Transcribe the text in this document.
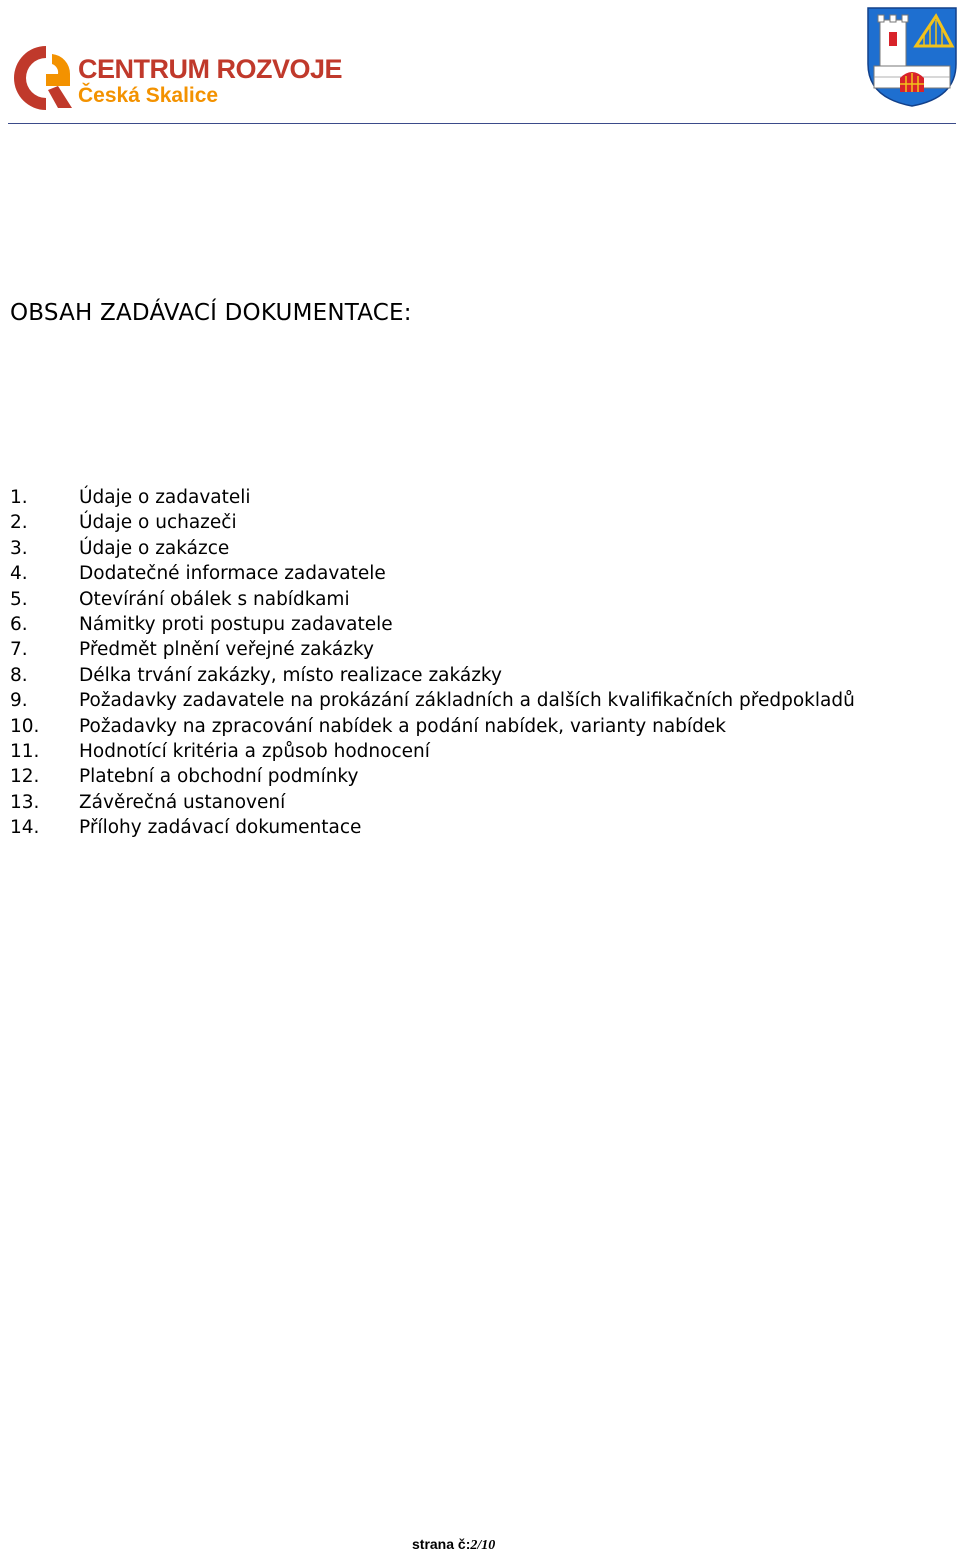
CENTRUM ROZVOJE
Česká Skalice
OBSAH ZADÁVACÍ DOKUMENTACE:
1.	Údaje o zadavateli
2.	Údaje o uchazeči
3.	Údaje o zakázce
4.	Dodatečné informace zadavatele
5.	Otevírání obálek s nabídkami
6.	Námitky proti postupu zadavatele
7.	Předmět plnění veřejné zakázky
8.	Délka trvání zakázky, místo realizace zakázky
9.	Požadavky zadavatele na prokázání základních a dalších kvalifikačních předpokladů
10.	Požadavky na zpracování nabídek a podání nabídek, varianty nabídek
11.	Hodnotící kritéria a způsob hodnocení
12.	Platební a obchodní podmínky
13.	Závěrečná ustanovení
14.	Přílohy zadávací dokumentace
strana č:2/10
